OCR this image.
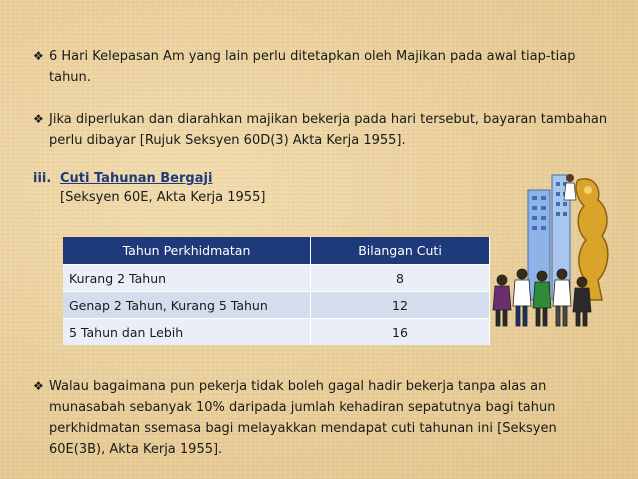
❖ 6 Hari Kelepasan Am yang lain perlu ditetapkan oleh Majikan pada awal tiap-tiap tahun.
❖ Jika diperlukan dan diarahkan majikan bekerja pada hari tersebut, bayaran tambahan perlu dibayar [Rujuk Seksyen 60D(3) Akta Kerja 1955].
iii. Cuti Tahunan Bergaji
[Seksyen 60E, Akta Kerja 1955]
Tahun Perkhidmatan	Bilangan Cuti
Kurang 2 Tahun	8
Genap 2 Tahun, Kurang 5 Tahun	12
5 Tahun dan Lebih	16
❖ Walau bagaimana pun pekerja tidak boleh gagal hadir bekerja tanpa alas an munasabah sebanyak 10% daripada jumlah kehadiran sepatutnya bagi tahun perkhidmatan ssemasa bagi melayakkan mendapat cuti tahunan ini [Seksyen 60E(3B), Akta Kerja 1955].
